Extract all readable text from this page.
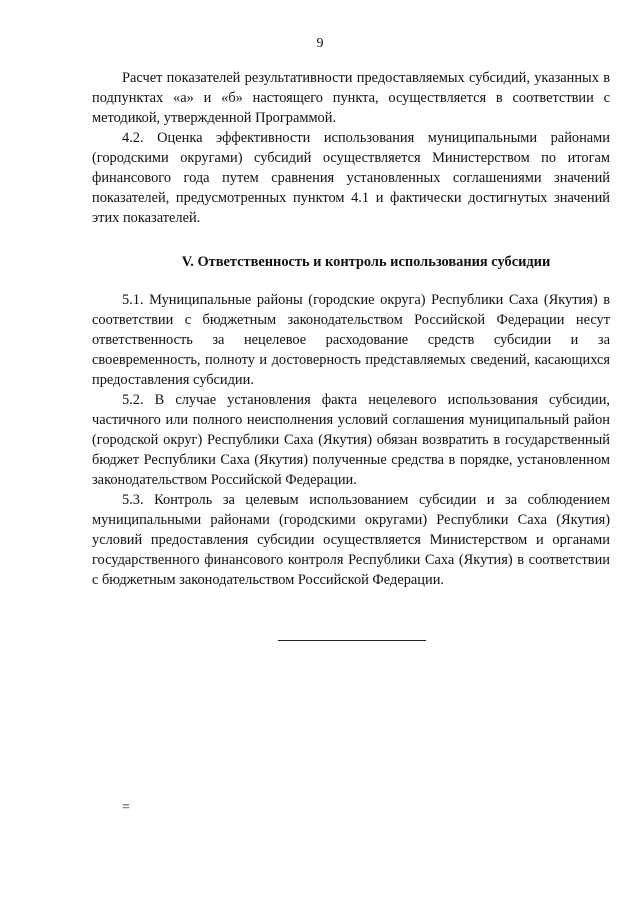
9

Расчет показателей результативности предоставляемых субсидий, указанных в подпунктах «а» и «б» настоящего пункта, осуществляется в соответствии с методикой, утвержденной Программой.

4.2. Оценка эффективности использования муниципальными районами (городскими округами) субсидий осуществляется Министерством по итогам финансового года путем сравнения установленных соглашениями значений показателей, предусмотренных пунктом 4.1 и фактически достигнутых значений этих показателей.

V. Ответственность и контроль использования субсидии

5.1. Муниципальные районы (городские округа) Республики Саха (Якутия) в соответствии с бюджетным законодательством Российской Федерации несут ответственность за нецелевое расходование средств субсидии и за своевременность, полноту и достоверность представляемых сведений, касающихся предоставления субсидии.

5.2. В случае установления факта нецелевого использования субсидии, частичного или полного неисполнения условий соглашения муниципальный район (городской округ) Республики Саха (Якутия) обязан возвратить в государственный бюджет Республики Саха (Якутия) полученные средства в порядке, установленном законодательством Российской Федерации.

5.3. Контроль за целевым использованием субсидии и за соблюдением муниципальными районами (городскими округами) Республики Саха (Якутия) условий предоставления субсидии осуществляется Министерством и органами государственного финансового контроля Республики Саха (Якутия) в соответствии с бюджетным законодательством Российской Федерации.

=
